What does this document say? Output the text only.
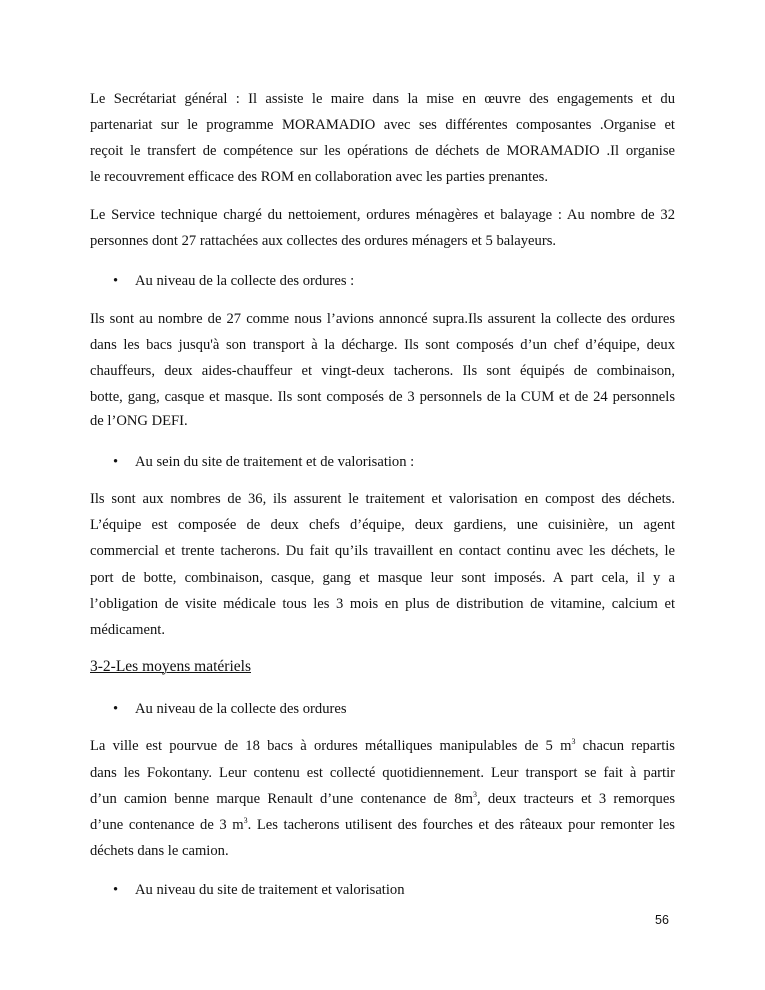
Le Secrétariat général : Il assiste le maire dans la mise en œuvre des engagements et du
partenariat sur le programme MORAMADIO avec ses différentes composantes .Organise et
reçoit le transfert de compétence sur les opérations de déchets de MORAMADIO .Il organise
le recouvrement efficace des ROM en collaboration avec les parties prenantes.
Le Service technique chargé du nettoiement, ordures ménagères et balayage : Au nombre de 32
personnes dont 27 rattachées aux collectes des ordures ménagers et 5 balayeurs.
• Au niveau de la collecte des ordures :
Ils sont au nombre de 27 comme nous l’avions annoncé supra.Ils assurent la collecte des ordures
dans les bacs jusqu'à son transport à la décharge. Ils sont composés d’un chef d’équipe, deux
chauffeurs, deux aides-chauffeur et vingt-deux tacherons. Ils sont équipés de combinaison,
botte, gang, casque et masque. Ils sont composés de 3 personnels de la CUM et de 24 personnels
de l’ONG DEFI.
• Au sein du site de traitement et de valorisation :
Ils sont aux nombres de 36, ils assurent le traitement et valorisation en compost des déchets.
L’équipe est composée de deux chefs d’équipe, deux gardiens, une cuisinière, un agent
commercial et trente tacherons. Du fait qu’ils travaillent en contact continu avec les déchets, le
port de botte, combinaison, casque, gang et masque leur sont imposés. A part cela, il y a
l’obligation de visite médicale tous les 3 mois en plus de distribution de vitamine, calcium et
médicament.
3-2-Les moyens matériels
• Au niveau de la collecte des ordures
La ville est pourvue de 18 bacs à ordures métalliques manipulables de 5 $m^3$ chacun repartis
dans les Fokontany. Leur contenu est collecté quotidiennement. Leur transport se fait à partir
d’un camion benne marque Renault d’une contenance de $8m^3$, deux tracteurs et 3 remorques
d’une contenance de 3 $m^3$. Les tacherons utilisent des fourches et des râteaux pour remonter les
déchets dans le camion.
• Au niveau du site de traitement et valorisation
56
